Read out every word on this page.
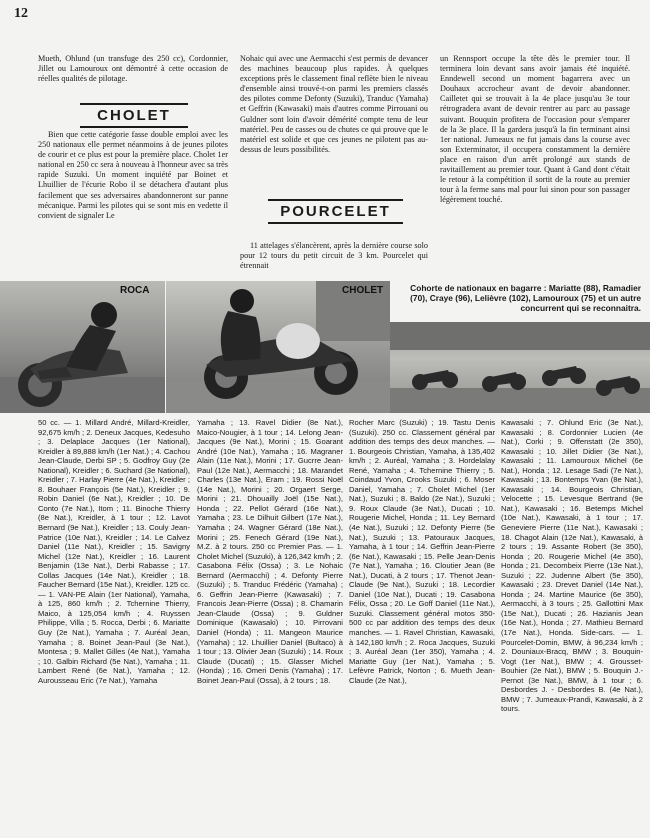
12

Mueth, Ohlund (un transfuge des 250 cc), Cordonnier, Jillet ou Lamouroux ont démontré à cette occasion de réelles qualités de pilotage.

CHOLET

Bien que cette catégorie fasse double emploi avec les 250 nationaux elle permet néanmoins à de jeunes pilotes de courir et ce plus est pour la première place. Cholet 1er national en 250 cc sera à nouveau à l'honneur avec sa très rapide Suzuki. Un moment inquiété par Boinet et Lhuillier de l'écurie Robo il se détachera d'autant plus facilement que ses adversaires abandonneront sur panne mécanique. Parmi les pilotes qui se sont mis en vedette il convient de signaler Le

Nohaic qui avec une Aermacchi s'est permis de devancer des machines beaucoup plus rapides. À quelques exceptions près le classement final reflète bien le niveau d'ensemble ainsi trouvé-t-on parmi les premiers classés des pilotes comme Defonty (Suzuki), Tranduc (Yamaha) et Geffrin (Kawasaki) mais d'autres comme Pirrouani ou Guldner sont loin d'avoir démérité compte tenu de leur matériel. Peu de casses ou de chutes ce qui prouve que le matériel est solide et que ces jeunes ne pilotent pas au-dessus de leurs possibilités.

POURCELET

11 attelages s'élancèrent, après la dernière course solo pour 12 tours du petit circuit de 3 km. Pourcelet qui étrennait

un Rennsport occupe la tête dès le premier tour. Il terminera loin devant sans avoir jamais été inquiété. Enndewell second un moment bagarrera avec un Douhaux accrocheur avant de devoir abandonner. Cailletet qui se trouvait à la 4e place jusqu'au 3e tour rétrogradera avant de devoir rentrer au parc au passage suivant. Bouquin profitera de l'occasion pour s'emparer de la 3e place. Il la gardera jusqu'à la fin terminant ainsi 1er national. Jumeaux ne fut jamais dans la course avec son Exterminator, il occupera constamment la dernière place en raison d'un arrêt prolongé aux stands de ravitaillement au premier tour. Quant à Gand dont c'était le retour à la compétition il sortit de la route au premier tour à la ferme sans mal pour lui sinon pour son passager légèrement touché.

ROCA	CHOLET	Cohorte de nationaux en bagarre : Mariatte (88), Ramadier (70), Craye (96), Lelièvre (102), Lamouroux (75) et un autre concurrent qui se reconnaitra.
50 cc. — 1. Millard André, Millard-Kreidler, 92,675 km/h ; 2. Deneux Jacques, Kedesuho ; 3. Delaplace Jacques (1er National), Kreidler à 89,888 km/h (1er Nat.) ; 4. Cachou Jean-Claude, Derbi SP ; 5. Godfroy Guy (2e National), Kreidler ; 6. Suchard (3e National), Kreidler ; 7. Harlay Pierre (4e Nat.), Kreidler ; 8. Bouhaer François (5e Nat.), Kreidler ; 9. Robin Daniel (6e Nat.), Kreidler ; 10. De Conto (7e Nat.), Itom ; 11. Binoche Thierry (8e Nat.), Kreidler, à 1 tour ; 12. Lavot Bernard (9e Nat.), Kreidler ; 13. Couly Jean-Patrice (10e Nat.), Kreidler ; 14. Le Calvez Daniel (11e Nat.), Kreidler ; 15. Savigny Michel (12e Nat.), Kreidler ; 16. Laurent Benjamin (13e Nat.), Derbi Rabasse ; 17. Collas Jacques (14e Nat.), Kreidler ; 18. Faucher Bernard (15e Nat.), Kreidler. 125 cc. — 1. VAN-PE Alain (1er National), Yamaha, à 125, 860 km/h ; 2. Tchernine Thierry, Maico, à 125,054 km/h ; 4. Ruyssen Philippe, Villa ; 5. Rocca, Derbi ; 6. Mariatte Guy (2e Nat.), Yamaha ; 7. Auréal Jean, Yamaha ; 8. Boinet Jean-Paul (3e Nat.), Montesa ; 9. Mallet Gilles (4e Nat.), Yamaha ; 10. Galbin Richard (5e Nat.), Yamaha ; 11. Lambert René (6e Nat.), Yamaha ; 12. Aurousseau Eric (7e Nat.), Yamaha
Yamaha ; 13. Ravel Didier (8e Nat.), Maico-Nougier, à 1 tour ; 14. Lelong Jean-Jacques (9e Nat.), Morini ; 15. Goarant André (10e Nat.), Yamaha ; 16. Magraner Alain (11e Nat.), Morini ; 17. Gucrre Jean-Paul (12e Nat.), Aermacchi ; 18. Marandet Charles (13e Nat.), Eram ; 19. Rossi Noël (14e Nat.), Morini ; 20. Orgaert Serge, Morini ; 21. Dhouailly Joël (15e Nat.), Honda ; 22. Pellot Gérard (16e Nat.), Yamaha ; 23. Le Dilhuit Gilbert (17e Nat.), Yamaha ; 24. Wagner Gérard (18e Nat.), Morini ; 25. Fenech Gérard (19e Nat.), M.Z. à 2 tours. 250 cc Premier Pas. — 1. Cholet Michel (Suzuki), à 126,342 km/h ; 2. Casabona Félix (Ossa) ; 3. Le Nohaic Bernard (Aermacchi) ; 4. Defonty Pierre (Suzuki) ; 5. Tranduc Frédéric (Yamaha) ; 6. Geffrin Jean-Pierre (Kawasaki) ; 7. Francois Jean-Pierre (Ossa) ; 8. Chamarin Jean-Claude (Ossa) ; 9. Guldner Dominique (Kawasaki) ; 10. Pirrovani Daniel (Honda) ; 11. Mangeon Maurice (Yamaha) ; 12. Lhuillier Daniel (Bultaco) à 1 tour ; 13. Olivier Jean (Suzuki) ; 14. Roux Claude (Ducati) ; 15. Glasser Michel (Honda) ; 16. Omeri Denis (Yamaha) ; 17. Boinet Jean-Paul (Ossa), à 2 tours ; 18.
Rocher Marc (Suzuki) ; 19. Tastu Denis (Suzuki). 250 cc. Classement général par addition des temps des deux manches. — 1. Bourgeois Christian, Yamaha, à 135,402 km/h ; 2. Auréal, Yamaha ; 3. Hordelalay René, Yamaha ; 4. Tchernine Thierry ; 5. Coindaud Yvon, Crooks Suzuki ; 6. Moser Daniel, Yamaha ; 7. Cholet Michel (1er Nat.), Suzuki ; 8. Baldo (2e Nat.), Suzuki ; 9. Roux Claude (3e Nat.), Ducati ; 10. Rougerie Michel, Honda ; 11. Ley Bernard (4e Nat.), Suzuki ; 12. Defonty Pierre (5e Nat.), Suzuki ; 13. Patouraux Jacques, Yamaha, à 1 tour ; 14. Geffrin Jean-Pierre (6e Nat.), Kawasaki ; 15. Pelle Jean-Denis (7e Nat.), Yamaha ; 16. Cloutier Jean (8e Nat.), Ducati, à 2 tours ; 17. Thenot Jean-Claude (9e Nat.), Suzuki ; 18. Lecordier Daniel (10e Nat.), Ducati ; 19. Casabona Félix, Ossa ; 20. Le Goff Daniel (11e Nat.), Suzuki. Classement général motos 350-500 cc par addition des temps des deux manches. — 1. Ravel Christian, Kawasaki, à 142,180 km/h ; 2. Roca Jacques, Suzuki ; 3. Auréal Jean (1er 350), Yamaha ; 4. Mariatte Guy (1er Nat.), Yamaha ; 5. Lefèvre Patrick, Norton ; 6. Mueth Jean-Claude (2e Nat.),
Kawasaki ; 7. Ohlund Eric (3e Nat.), Kawasaki ; 8. Cordonnier Lucien (4e Nat.), Corki ; 9. Offenstatt (2e 350), Kawasaki ; 10. Jillet Didier (3e Nat.), Kawasaki ; 11. Lamouroux Michel (6e Nat.), Honda ; 12. Lesage Sadi (7e Nat.), Kawasaki ; 13. Bontemps Yvan (8e Nat.), Kawasaki ; 14. Bourgeois Christian, Velocette ; 15. Levesque Bertrand (9e Nat.), Kawasaki ; 16. Betemps Michel (10e Nat.), Kawasaki, à 1 tour ; 17. Geneviere Pierre (11e Nat.), Kawasaki ; 18. Chagot Alain (12e Nat.), Kawasaki, à 2 tours ; 19. Assante Robert (3e 350), Honda ; 20. Rougerie Michel (4e 350), Honda ; 21. Decombeix Pierre (13e Nat.), Suzuki ; 22. Judenne Albert (5e 350), Kawasaki ; 23. Drevet Daniel (14e Nat.), Honda ; 24. Martine Maurice (6e 350), Aermacchi, à 3 tours ; 25. Gallottini Max (15e Nat.), Ducati ; 26. Hazianis Jean (16e Nat.), Honda ; 27. Mathieu Bernard (17e Nat.), Honda. Side-cars. — 1. Pourcelet-Domin, BMW, à 96,234 km/h ; 2. Douniaux-Bracq, BMW ; 3. Bouquin-Vogt (1er Nat.), BMW ; 4. Grousset-Bouhier (2e Nat.), BMW ; 5. Bouquin J.-Pernot (3e Nat.), BMW, à 1 tour ; 6. Desbordes J. - Desbordes B. (4e Nat.), BMW ; 7. Jumeaux-Prandi, Kawasaki, à 2 tours.
